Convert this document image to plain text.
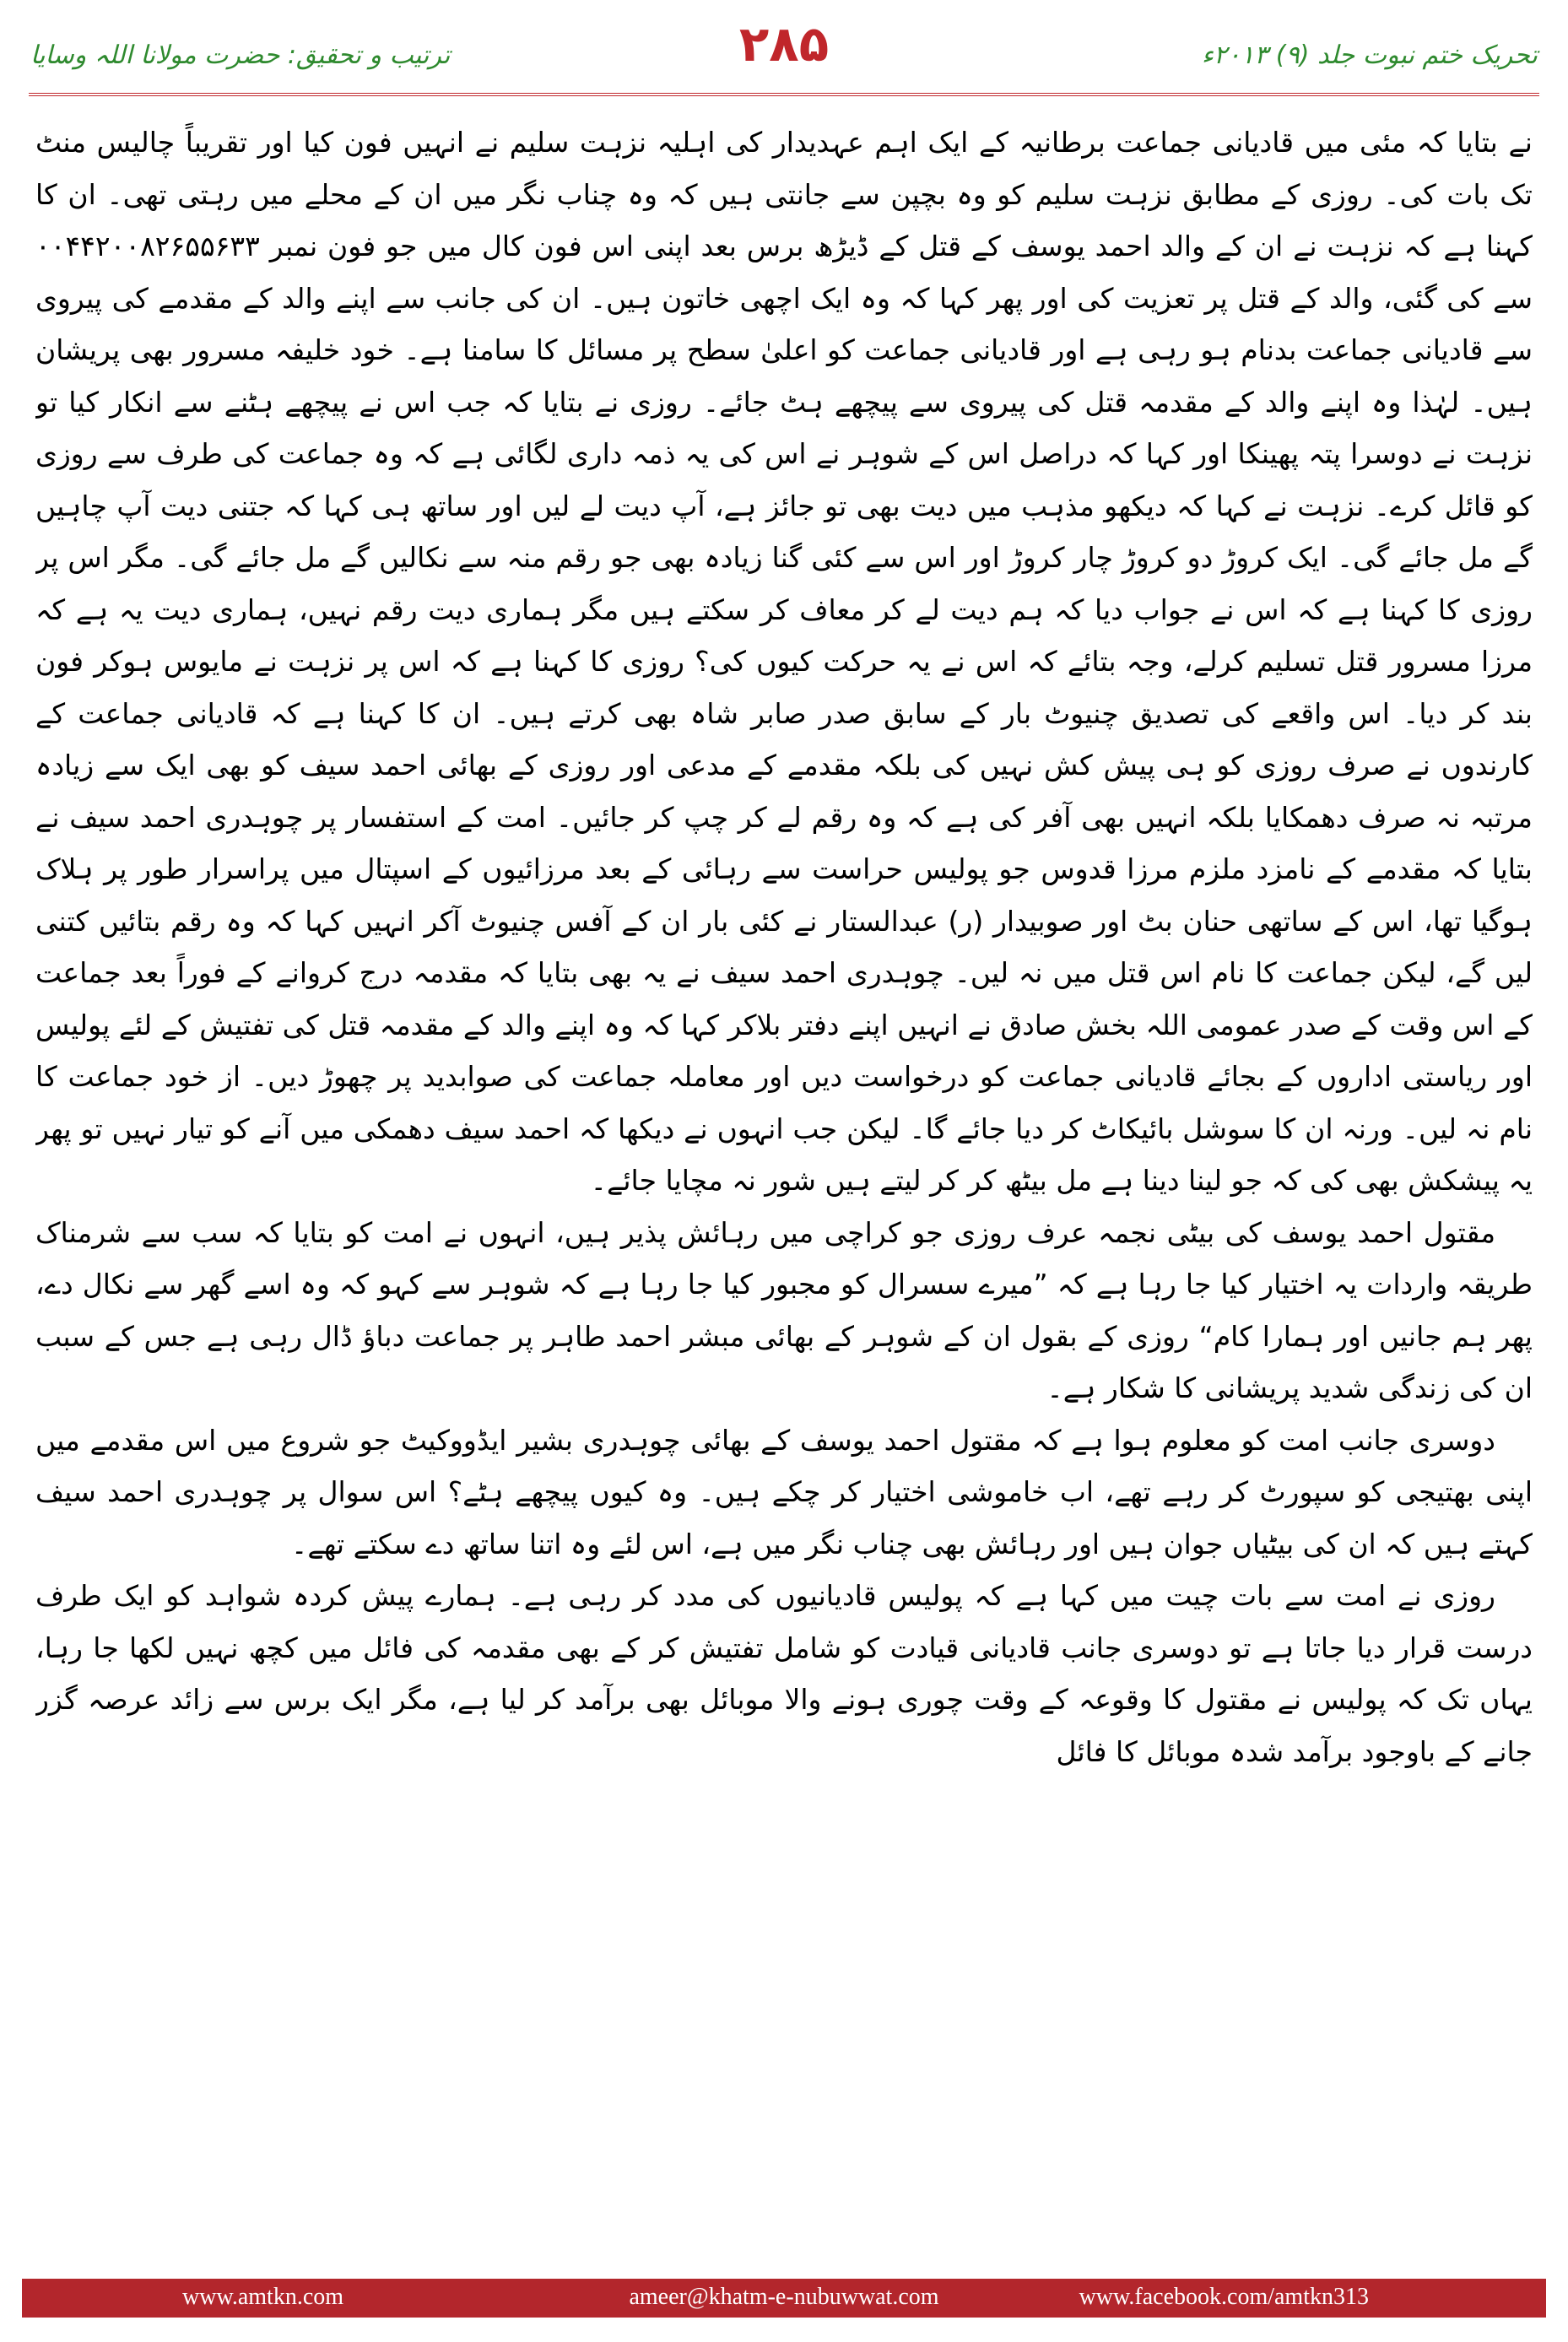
ترتیب و تحقیق: حضرت مولانا اللہ وسایا	۲۸۵	تحریک ختم نبوت جلد (۹) ۲۰۱۳ء

نے بتایا کہ مئی میں قادیانی جماعت برطانیہ کے ایک اہم عہدیدار کی اہلیہ نزہت سلیم نے انہیں فون کیا اور تقریباً چالیس منٹ تک بات کی۔ روزی کے مطابق نزہت سلیم کو وہ بچپن سے جانتی ہیں کہ وہ چناب نگر میں ان کے محلے میں رہتی تھی۔ ان کا کہنا ہے کہ نزہت نے ان کے والد احمد یوسف کے قتل کے ڈیڑھ برس بعد اپنی اس فون کال میں جو فون نمبر ۰۰۴۴۲۰۰۸۲۶۵۵۶۳۳ سے کی گئی، والد کے قتل پر تعزیت کی اور پھر کہا کہ وہ ایک اچھی خاتون ہیں۔ ان کی جانب سے اپنے والد کے مقدمے کی پیروی سے قادیانی جماعت بدنام ہو رہی ہے اور قادیانی جماعت کو اعلیٰ سطح پر مسائل کا سامنا ہے۔ خود خلیفہ مسرور بھی پریشان ہیں۔ لہٰذا وہ اپنے والد کے مقدمہ قتل کی پیروی سے پیچھے ہٹ جائے۔ روزی نے بتایا کہ جب اس نے پیچھے ہٹنے سے انکار کیا تو نزہت نے دوسرا پتہ پھینکا اور کہا کہ دراصل اس کے شوہر نے اس کی یہ ذمہ داری لگائی ہے کہ وہ جماعت کی طرف سے روزی کو قائل کرے۔ نزہت نے کہا کہ دیکھو مذہب میں دیت بھی تو جائز ہے، آپ دیت لے لیں اور ساتھ ہی کہا کہ جتنی دیت آپ چاہیں گے مل جائے گی۔ ایک کروڑ دو کروڑ چار کروڑ اور اس سے کئی گنا زیادہ بھی جو رقم منہ سے نکالیں گے مل جائے گی۔ مگر اس پر روزی کا کہنا ہے کہ اس نے جواب دیا کہ ہم دیت لے کر معاف کر سکتے ہیں مگر ہماری دیت رقم نہیں، ہماری دیت یہ ہے کہ مرزا مسرور قتل تسلیم کرلے، وجہ بتائے کہ اس نے یہ حرکت کیوں کی؟ روزی کا کہنا ہے کہ اس پر نزہت نے مایوس ہوکر فون بند کر دیا۔ اس واقعے کی تصدیق چنیوٹ بار کے سابق صدر صابر شاہ بھی کرتے ہیں۔ ان کا کہنا ہے کہ قادیانی جماعت کے کارندوں نے صرف روزی کو ہی پیش کش نہیں کی بلکہ مقدمے کے مدعی اور روزی کے بھائی احمد سیف کو بھی ایک سے زیادہ مرتبہ نہ صرف دھمکایا بلکہ انہیں بھی آفر کی ہے کہ وہ رقم لے کر چپ کر جائیں۔ امت کے استفسار پر چوہدری احمد سیف نے بتایا کہ مقدمے کے نامزد ملزم مرزا قدوس جو پولیس حراست سے رہائی کے بعد مرزائیوں کے اسپتال میں پراسرار طور پر ہلاک ہوگیا تھا، اس کے ساتھی حنان بٹ اور صوبیدار (ر) عبدالستار نے کئی بار ان کے آفس چنیوٹ آکر انہیں کہا کہ وہ رقم بتائیں کتنی لیں گے، لیکن جماعت کا نام اس قتل میں نہ لیں۔ چوہدری احمد سیف نے یہ بھی بتایا کہ مقدمہ درج کروانے کے فوراً بعد جماعت کے اس وقت کے صدر عمومی اللہ بخش صادق نے انہیں اپنے دفتر بلاکر کہا کہ وہ اپنے والد کے مقدمہ قتل کی تفتیش کے لئے پولیس اور ریاستی اداروں کے بجائے قادیانی جماعت کو درخواست دیں اور معاملہ جماعت کی صوابدید پر چھوڑ دیں۔ از خود جماعت کا نام نہ لیں۔ ورنہ ان کا سوشل بائیکاٹ کر دیا جائے گا۔ لیکن جب انہوں نے دیکھا کہ احمد سیف دھمکی میں آنے کو تیار نہیں تو پھر یہ پیشکش بھی کی کہ جو لینا دینا ہے مل بیٹھ کر کر لیتے ہیں شور نہ مچایا جائے۔

مقتول احمد یوسف کی بیٹی نجمہ عرف روزی جو کراچی میں رہائش پذیر ہیں، انہوں نے امت کو بتایا کہ سب سے شرمناک طریقہ واردات یہ اختیار کیا جا رہا ہے کہ ”میرے سسرال کو مجبور کیا جا رہا ہے کہ شوہر سے کہو کہ وہ اسے گھر سے نکال دے، پھر ہم جانیں اور ہمارا کام“ روزی کے بقول ان کے شوہر کے بھائی مبشر احمد طاہر پر جماعت دباؤ ڈال رہی ہے جس کے سبب ان کی زندگی شدید پریشانی کا شکار ہے۔

دوسری جانب امت کو معلوم ہوا ہے کہ مقتول احمد یوسف کے بھائی چوہدری بشیر ایڈووکیٹ جو شروع میں اس مقدمے میں اپنی بھتیجی کو سپورٹ کر رہے تھے، اب خاموشی اختیار کر چکے ہیں۔ وہ کیوں پیچھے ہٹے؟ اس سوال پر چوہدری احمد سیف کہتے ہیں کہ ان کی بیٹیاں جوان ہیں اور رہائش بھی چناب نگر میں ہے، اس لئے وہ اتنا ساتھ دے سکتے تھے۔

روزی نے امت سے بات چیت میں کہا ہے کہ پولیس قادیانیوں کی مدد کر رہی ہے۔ ہمارے پیش کردہ شواہد کو ایک طرف درست قرار دیا جاتا ہے تو دوسری جانب قادیانی قیادت کو شامل تفتیش کر کے بھی مقدمہ کی فائل میں کچھ نہیں لکھا جا رہا، یہاں تک کہ پولیس نے مقتول کا وقوعہ کے وقت چوری ہونے والا موبائل بھی برآمد کر لیا ہے، مگر ایک برس سے زائد عرصہ گزر جانے کے باوجود برآمد شدہ موبائل کا فائل

www.amtkn.com	ameer@khatm-e-nubuwwat.com	www.facebook.com/amtkn313
